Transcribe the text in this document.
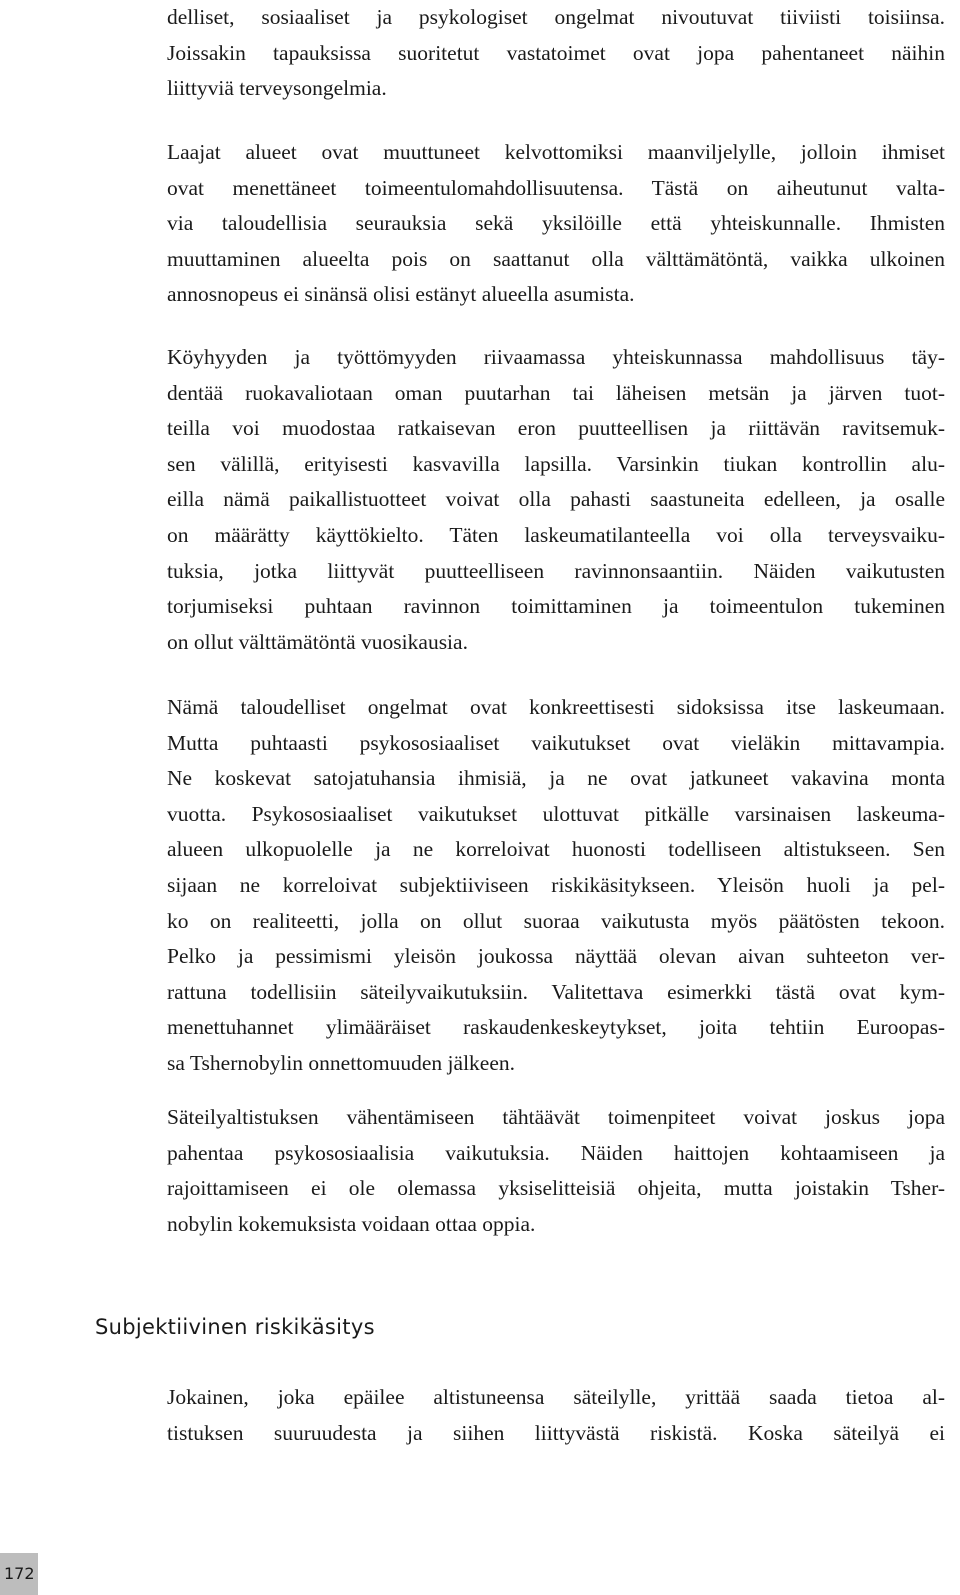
delliset, sosiaaliset ja psykologiset ongelmat nivoutuvat tiiviisti toisiinsa.
Joissakin tapauksissa suoritetut vastatoimet ovat jopa pahentaneet näihin
liittyviä terveysongelmia.

Laajat alueet ovat muuttuneet kelvottomiksi maanviljelylle, jolloin ihmiset
ovat menettäneet toimeentulomahdollisuutensa. Tästä on aiheutunut valta-
via taloudellisia seurauksia sekä yksilöille että yhteiskunnalle. Ihmisten
muuttaminen alueelta pois on saattanut olla välttämätöntä, vaikka ulkoinen
annosnopeus ei sinänsä olisi estänyt alueella asumista.

Köyhyyden ja työttömyyden riivaamassa yhteiskunnassa mahdollisuus täy-
dentää ruokavaliotaan oman puutarhan tai läheisen metsän ja järven tuot-
teilla voi muodostaa ratkaisevan eron puutteellisen ja riittävän ravitsemuk-
sen välillä, erityisesti kasvavilla lapsilla. Varsinkin tiukan kontrollin alu-
eilla nämä paikallistuotteet voivat olla pahasti saastuneita edelleen, ja osalle
on määrätty käyttökielto. Täten laskeumatilanteella voi olla terveysvaiku-
tuksia, jotka liittyvät puutteelliseen ravinnonsaantiin. Näiden vaikutusten
torjumiseksi puhtaan ravinnon toimittaminen ja toimeentulon tukeminen
on ollut välttämätöntä vuosikausia.

Nämä taloudelliset ongelmat ovat konkreettisesti sidoksissa itse laskeumaan.
Mutta puhtaasti psykososiaaliset vaikutukset ovat vieläkin mittavampia.
Ne koskevat satojatuhansia ihmisiä, ja ne ovat jatkuneet vakavina monta
vuotta. Psykososiaaliset vaikutukset ulottuvat pitkälle varsinaisen laskeuma-
alueen ulkopuolelle ja ne korreloivat huonosti todelliseen altistukseen. Sen
sijaan ne korreloivat subjektiiviseen riskikäsitykseen. Yleisön huoli ja pel-
ko on realiteetti, jolla on ollut suoraa vaikutusta myös päätösten tekoon.
Pelko ja pessimismi yleisön joukossa näyttää olevan aivan suhteeton ver-
rattuna todellisiin säteilyvaikutuksiin. Valitettava esimerkki tästä ovat kym-
menettuhannet ylimääräiset raskaudenkeskeytykset, joita tehtiin Euroopas-
sa Tshernobylin onnettomuuden jälkeen.

Säteilyaltistuksen vähentämiseen tähtäävät toimenpiteet voivat joskus jopa
pahentaa psykososiaalisia vaikutuksia. Näiden haittojen kohtaamiseen ja
rajoittamiseen ei ole olemassa yksiselitteisiä ohjeita, mutta joistakin Tsher-
nobylin kokemuksista voidaan ottaa oppia.

Subjektiivinen riskikäsitys

Jokainen, joka epäilee altistuneensa säteilylle, yrittää saada tietoa al-
tistuksen suuruudesta ja siihen liittyvästä riskistä. Koska säteilyä ei

172
